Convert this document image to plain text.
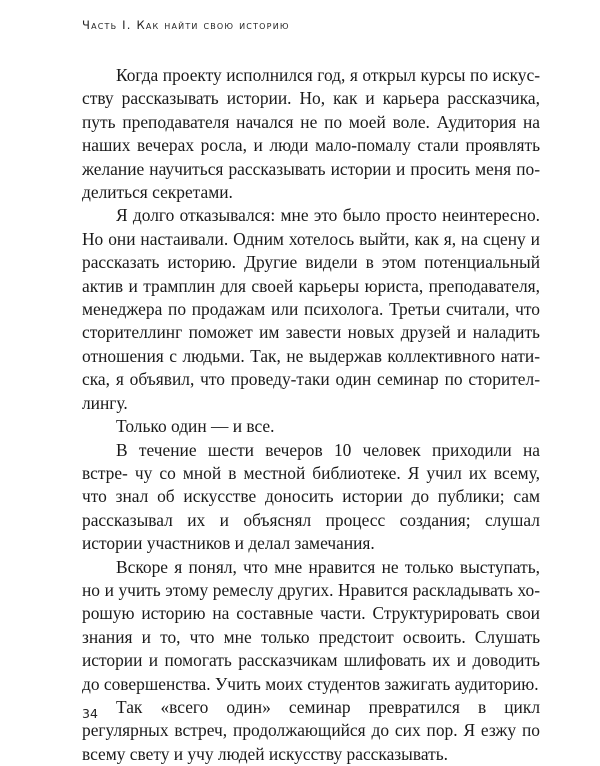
Часть I. Как найти свою историю

Когда проекту исполнился год, я открыл курсы по искус- ству рассказывать истории. Но, как и карьера рассказчика, путь преподавателя начался не по моей воле. Аудитория на наших вечерах росла, и люди мало-помалу стали проявлять желание научиться рассказывать истории и просить меня по- делиться секретами.

Я долго отказывался: мне это было просто неинтересно. Но они настаивали. Одним хотелось выйти, как я, на сцену и рассказать историю. Другие видели в этом потенциальный актив и трамплин для своей карьеры юриста, преподавателя, менеджера по продажам или психолога. Третьи считали, что сторителлинг поможет им завести новых друзей и наладить отношения с людьми. Так, не выдержав коллективного нати- ска, я объявил, что проведу-таки один семинар по сторител- лингу.

Только один — и все.

В течение шести вечеров 10 человек приходили на встре- чу со мной в местной библиотеке. Я учил их всему, что знал об искусстве доносить истории до публики; сам рассказывал их и объяснял процесс создания; слушал истории участников и делал замечания.

Вскоре я понял, что мне нравится не только выступать, но и учить этому ремеслу других. Нравится раскладывать хо- рошую историю на составные части. Структурировать свои знания и то, что мне только предстоит освоить. Слушать истории и помогать рассказчикам шлифовать их и доводить до совершенства. Учить моих студентов зажигать аудиторию.

Так «всего один» семинар превратился в цикл регулярных встреч, продолжающийся до сих пор. Я езжу по всему свету и учу людей искусству рассказывать.

34
